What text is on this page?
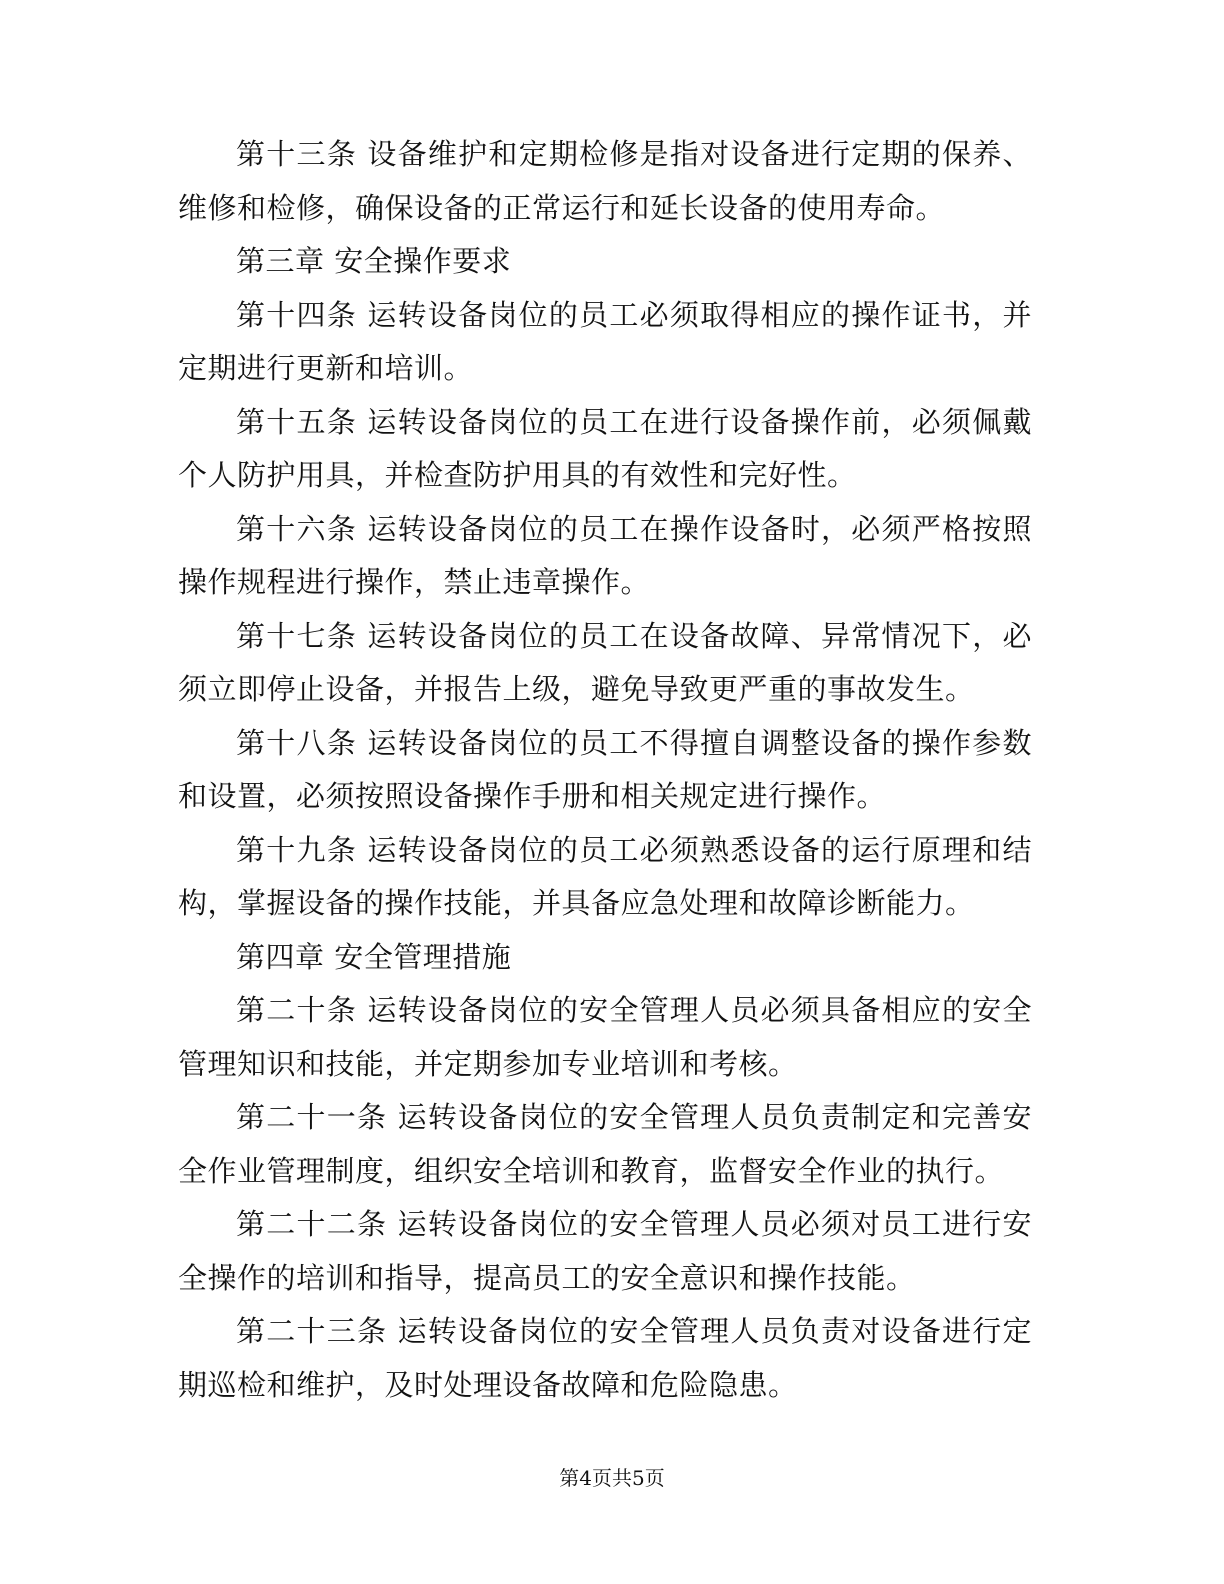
第十三条 设备维护和定期检修是指对设备进行定期的保养、维修和检修，确保设备的正常运行和延长设备的使用寿命。

第三章 安全操作要求

第十四条 运转设备岗位的员工必须取得相应的操作证书，并定期进行更新和培训。

第十五条 运转设备岗位的员工在进行设备操作前，必须佩戴个人防护用具，并检查防护用具的有效性和完好性。

第十六条 运转设备岗位的员工在操作设备时，必须严格按照操作规程进行操作，禁止违章操作。

第十七条 运转设备岗位的员工在设备故障、异常情况下，必须立即停止设备，并报告上级，避免导致更严重的事故发生。

第十八条 运转设备岗位的员工不得擅自调整设备的操作参数和设置，必须按照设备操作手册和相关规定进行操作。

第十九条 运转设备岗位的员工必须熟悉设备的运行原理和结构，掌握设备的操作技能，并具备应急处理和故障诊断能力。

第四章 安全管理措施

第二十条 运转设备岗位的安全管理人员必须具备相应的安全管理知识和技能，并定期参加专业培训和考核。

第二十一条 运转设备岗位的安全管理人员负责制定和完善安全作业管理制度，组织安全培训和教育，监督安全作业的执行。

第二十二条 运转设备岗位的安全管理人员必须对员工进行安全操作的培训和指导，提高员工的安全意识和操作技能。

第二十三条 运转设备岗位的安全管理人员负责对设备进行定期巡检和维护，及时处理设备故障和危险隐患。

第4页共5页
